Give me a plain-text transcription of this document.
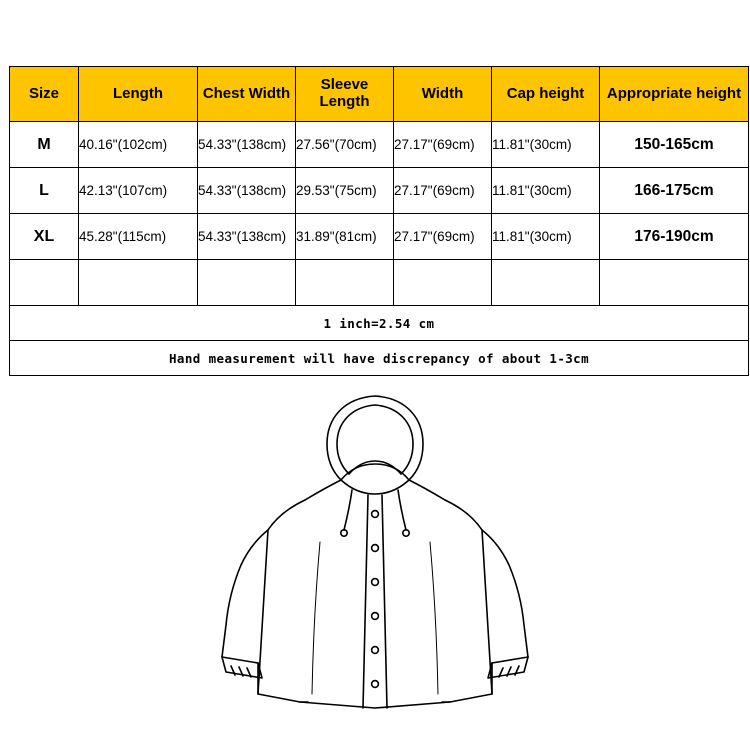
Size	Length	Chest Width	Sleeve Length	Width	Cap height	Appropriate height
M	40.16"(102cm)	54.33"(138cm)	27.56"(70cm)	27.17"(69cm)	11.81"(30cm)	150-165cm
L	42.13"(107cm)	54.33"(138cm)	29.53"(75cm)	27.17"(69cm)	11.81"(30cm)	166-175cm
XL	45.28"(115cm)	54.33"(138cm)	31.89"(81cm)	27.17"(69cm)	11.81"(30cm)	176-190cm

1 inch=2.54 cm						
Hand measurement will have discrepancy of about 1-3cm						
